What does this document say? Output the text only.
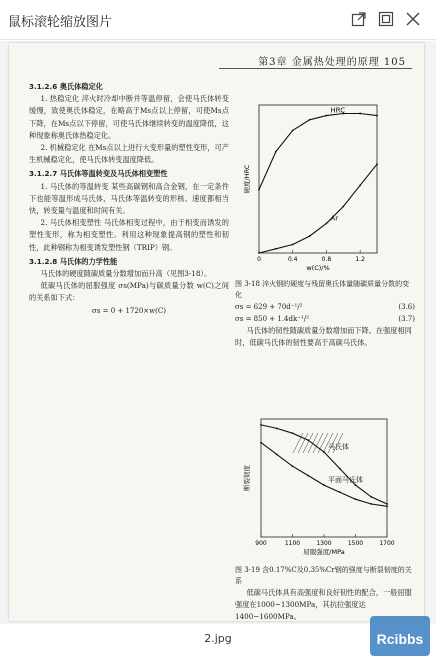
鼠标滚轮缩放图片
第3章 金属热处理的原理 105
3.1.2.6 奥氏体稳定化

1. 热稳定化 淬火时冷却中断并等温停留，会使马氏体转变缓慢，致使奥氏体稳定，在略高于Ms点以上停留，可使Ms点下降，在Ms点以下停留，可使马氏体继续转变的温度降低，这种现象称奥氏体热稳定化。

2. 机械稳定化 在Ms点以上进行大变形量的塑性变形，可产生机械稳定化，使马氏体转变温度降低。

3.1.2.7 马氏体等温转变及马氏体相变塑性

1. 马氏体的等温转变 某些高碳钢和高合金钢，在一定条件下也能等温形成马氏体，马氏体等温转变的形核、速度都相当快，转变量与温度和时间有关。

2. 马氏体相变塑性 马氏体相变过程中，由于相变而诱发的塑性变形，称为相变塑性。利用这种现象提高钢的塑性和韧性，此种钢称为相变诱发塑性钢（TRIP）钢。

3.1.2.8 马氏体的力学性能

马氏体的硬度随碳质量分数增加而升高（见图3-18）。

低碳马氏体的屈服强度 σs(MPa)与碳质量分数 w(C)之间的关系如下式：

σs = 0 + 1720×w(C)
HRC
Ar
0	0.4	0.8	1.2
w(C)/%
硬度/HRC
图 3-18 淬火钢的硬度与残留奥氏体量随碳质量分数的变化
σs = 629 + 70d⁻¹/²	(3.6)
σs = 850 + 1.4dk⁻¹/²	(3.7)

马氏体的韧性随碳质量分数增加而下降。在强度相同时，低碳马氏体的韧性要高于高碳马氏体。

马氏体
平面马氏体
900	1100	1300	1500	1700
屈服强度/MPa
断裂韧度
图 3-19 含0.17%C及0.35%Cr钢的强度与断裂韧度的关系

低碳马氏体具有高强度和良好韧性的配合，一般屈服强度在1000~1300MPa，其抗拉强度达1400~1600MPa。

2.jpg	Rcibbs
